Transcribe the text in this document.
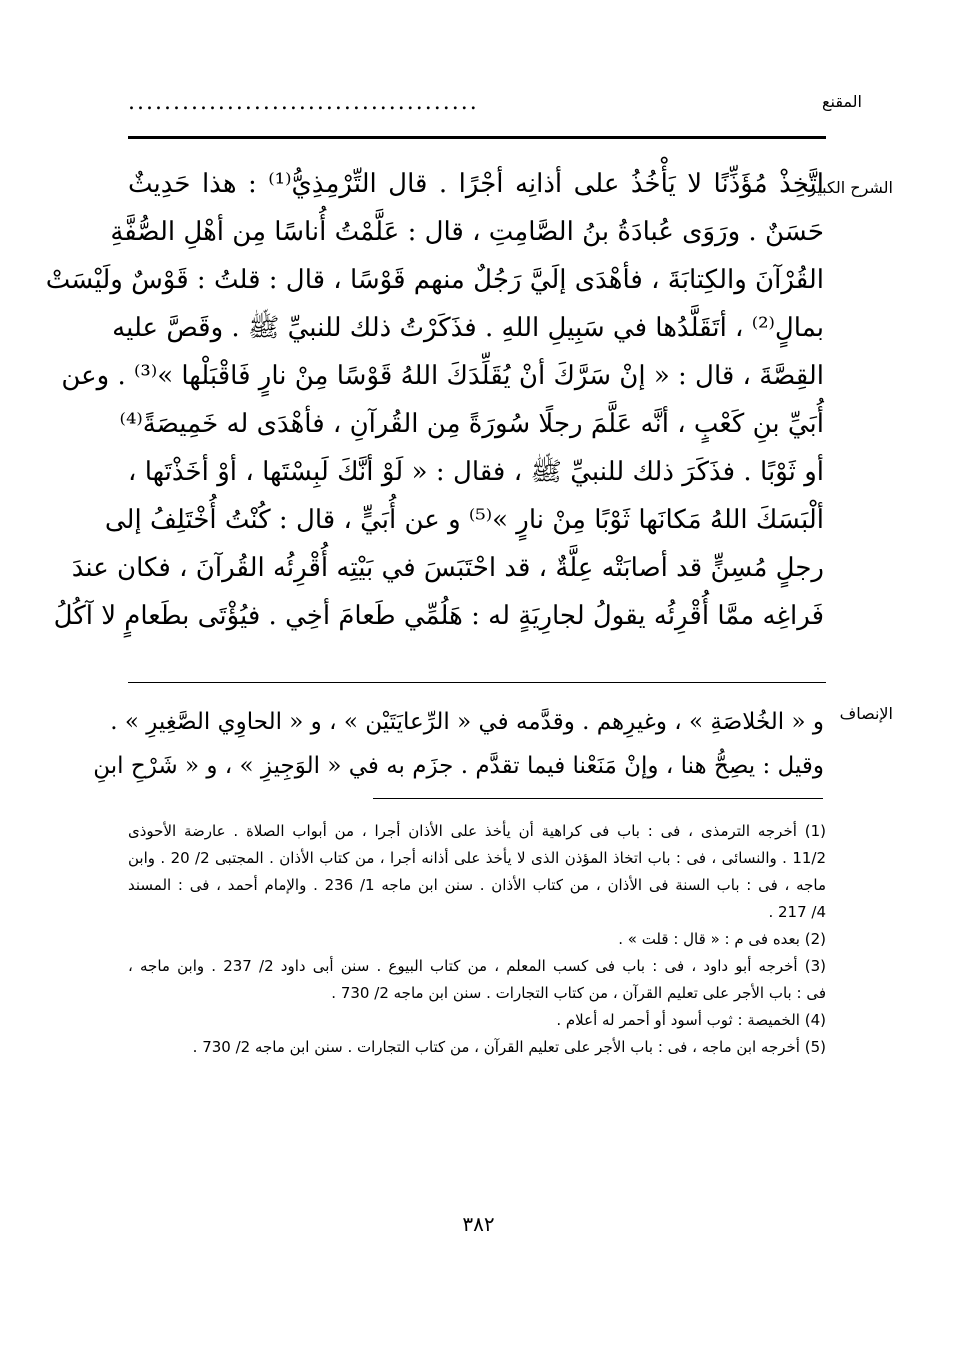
المقنع
.......................................
الشرح الكبير

اتَّخِذْ مُؤَذِّنًا لا يَأْخُذُ على أذانِه أجْرًا . قال التِّرْمِذِيُّ⁽¹⁾ : هذا حَدِيثٌ

حَسَنٌ . ورَوَى عُبادَةُ بنُ الصَّامِتِ ، قال : عَلَّمْتُ أُناسًا مِن أهْلِ الصُّفَّةِ

القُرْآنَ والكِتابَةَ ، فأهْدَى إلَيَّ رَجُلٌ منهم قَوْسًا ، قال : قلتُ : قَوْسٌ ولَيْسَتْ

بمالٍ⁽²⁾ ، أتَقَلَّدُها في سَبِيلِ اللهِ . فذَكَرْتُ ذلك للنبيِّ ﷺ . وقَصَّ عليه

القِصَّةَ ، قال : « إنْ سَرَّكَ أنْ يُقَلِّدَكَ اللهُ قَوْسًا مِنْ نارٍ فَاقْبَلْها »⁽³⁾ . وعن

أُبَيِّ بنِ كَعْبٍ ، أنَّه عَلَّمَ رجلًا سُورَةً مِن القُرآنِ ، فأهْدَى له خَمِيصَةً⁽⁴⁾

أو ثَوْبًا . فذَكَرَ ذلك للنبيِّ ﷺ ، فقال : « لَوْ أنَّكَ لَبِسْتَها ، أوْ أخَذْتَها ،

ألْبَسَكَ اللهُ مَكانَها ثَوْبًا مِنْ نارٍ »⁽⁵⁾ و عن أُبَيٍّ ، قال : كُنْتُ أُخْتَلِفُ إلى

رجلٍ مُسِنٍّ قد أصابَتْه عِلَّةٌ ، قد احْتَبَسَ في بَيْتِه أُقْرِئُه القُرآنَ ، فكان عندَ

فَراغِه ممَّا أُقْرِئُه يقولُ لجارِيَةٍ له : هَلُمِّي طَعامَ أخِي . فيُؤْتَى بطَعامٍ لا آكُلُ

الإنصاف

و « الخُلاصَةِ » ، وغيرِهم . وقدَّمه في « الرِّعايَتَيْن » ، و « الحاوِي الصَّغِيرِ » .

وقيل : يصِحُّ هنا ، وإنْ مَنَعْنا فيما تقدَّم . جزَم به في « الوَجِيزِ » ، و « شَرْحِ ابنِ

(1) أخرجه الترمذى ، فى : باب فى كراهية أن يأخذ على الأذان أجرا ، من أبواب الصلاة . عارضة الأحوذى

11/2 . والنسائى ، فى : باب اتخاذ المؤذن الذى لا يأخذ على أذانه أجرا ، من كتاب الأذان . المجتبى 2/ 20 . وابن

ماجه ، فى : باب السنة فى الأذان ، من كتاب الأذان . سنن ابن ماجه 1/ 236 . والإمام أحمد ، فى : المسند

4/ 217 .

(2) بعده فى م : « قال : قلت » .

(3) أخرجه أبو داود ، فى : باب فى كسب المعلم ، من كتاب البيوع . سنن أبى داود 2/ 237 . وابن ماجه ،

فى : باب الأجر على تعليم القرآن ، من كتاب التجارات . سنن ابن ماجه 2/ 730 .

(4) الخميصة : ثوب أسود أو أحمر له أعلام .

(5) أخرجه ابن ماجه ، فى : باب الأجر على تعليم القرآن ، من كتاب التجارات . سنن ابن ماجه 2/ 730 .

٣٨٢
